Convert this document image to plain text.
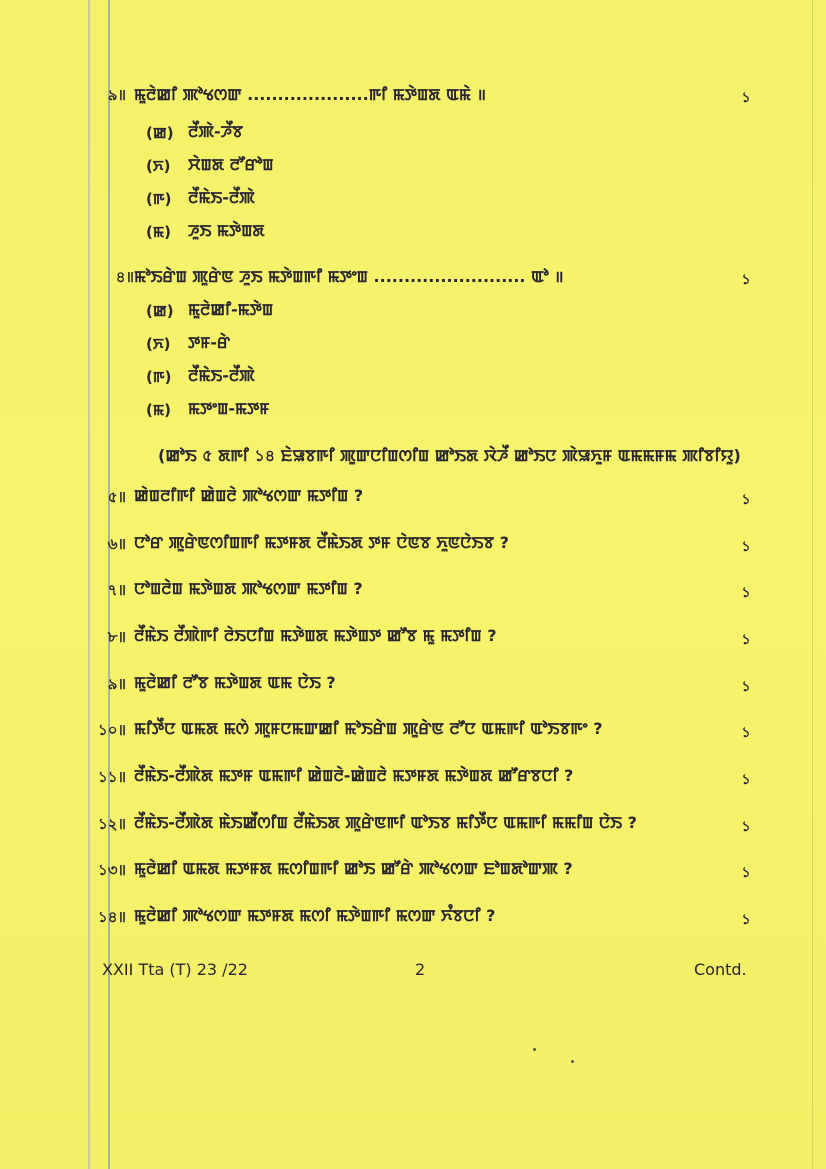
৯॥ ꯃꯨꯂꯥꯀꯤ ꯄꯣꯠꯁꯛ ....................ꯒꯤ ꯃꯇꯥꯡꯗ ꯑꯃꯥ ॥	১
(ꯀ) ꯂꯩꯄꯥ-ꯍꯩꯕ
(ꯈ) ꯆꯥꯡꯗ ꯂꯧꯔꯣꯡ
(ꯒ) ꯂꯩꯃꯥꯏ-ꯂꯩꯄꯥ
(ꯃ) ꯍꯨꯏ ꯃꯇꯥꯡꯗ
৪॥ ꯃꯣꯏꯔꯥꯡ ꯄꯨꯔꯥꯟ ꯍꯨꯏ ꯃꯇꯥꯡꯒꯤ ꯃꯇꯦꯡ ......................... ꯑꯣ ॥	১
(ꯀ) ꯃꯨꯂꯥꯀꯤ-ꯃꯇꯥꯡ
(ꯈ) ꯇꯝ-ꯔꯥ
(ꯒ) ꯂꯩꯃꯥꯏ-ꯂꯩꯄꯥ
(ꯃ) ꯃꯇꯦꯡ-ꯃꯇꯝ
(ꯀꯣꯏ ৫ ꯗꯒꯤ ১৪ ꯐꯥꯎꯕꯒꯤ ꯄꯨꯛꯅꯤꯡꯁꯤꯡ ꯀꯣꯏꯗ ꯋꯥꯍꯩ ꯀꯣꯏꯅ ꯄꯥꯎꯈꯨꯝ ꯑꯃꯃꯝꯃ ꯄꯤꯕꯤꯌꯨ)
৫॥ ꯀꯥꯡꯂꯤꯒꯤ ꯀꯥꯡꯂꯥ ꯄꯣꯠꯁꯛ ꯃꯇꯤꯡ ?	১
৬॥ ꯅꯣꯔ ꯄꯨꯔꯥꯟꯁꯤꯡꯒꯤ ꯃꯇꯝꯗ ꯂꯩꯃꯥꯏꯗ ꯇꯝ ꯅꯥꯟꯕ ꯈꯨꯟꯅꯥꯏꯕ ?	১
৭॥ ꯅꯣꯡꯂꯥꯡ ꯃꯇꯥꯡꯗ ꯄꯣꯠꯁꯛ ꯃꯇꯤꯡ ?	১
৮॥ ꯂꯩꯃꯥꯏ ꯂꯩꯄꯥꯒꯤ ꯂꯥꯏꯅꯤꯡ ꯃꯇꯥꯡꯗ ꯃꯇꯥꯡꯇ ꯀꯧꯕ ꯃꯨ ꯃꯇꯤꯡ ?	১
৯॥ ꯃꯨꯂꯥꯀꯤ ꯂꯧꯕ ꯃꯇꯥꯡꯗ ꯑꯃ ꯅꯥꯏ ?	১
১০॥ ꯃꯤꯇꯩꯅ ꯑꯃꯗ ꯃꯁꯥ ꯄꯨꯝꯅꯃꯛꯀꯤ ꯃꯣꯏꯔꯥꯡ ꯄꯨꯔꯥꯟ ꯂꯧꯅ ꯑꯃꯒꯤ ꯑꯣꯏꯕꯒꯦ ?	১
১১॥ ꯂꯩꯃꯥꯏ-ꯂꯩꯄꯥꯗ ꯃꯇꯝ ꯑꯃꯒꯤ ꯀꯥꯡꯂꯥ-ꯀꯥꯡꯂꯥ ꯃꯇꯝꯗ ꯃꯇꯥꯡꯗ ꯀꯧꯔꯕꯅꯤ ?	১
১২॥ ꯂꯩꯃꯥꯏ-ꯂꯩꯄꯥꯗ ꯃꯥꯏꯀꯩꯁꯤꯡ ꯂꯩꯃꯥꯏꯗ ꯄꯨꯔꯥꯟꯒꯤ ꯑꯣꯏꯕ ꯃꯤꯇꯩꯅ ꯑꯃꯒꯤ ꯃꯃꯤꯡ ꯅꯥꯏ ?	১
১৩॥ ꯃꯨꯂꯥꯀꯤ ꯑꯃꯗ ꯃꯇꯝꯗ ꯃꯁꯤꯡꯒꯤ ꯀꯣꯏ ꯀꯧꯔꯥ ꯄꯣꯠꯁꯛ ꯐꯣꯡꯗꯣꯛꯄ ?	১
১৪॥ ꯃꯨꯂꯥꯀꯤ ꯄꯣꯠꯁꯛ ꯃꯇꯝꯗ ꯃꯁꯤ ꯃꯇꯥꯡꯒꯤ ꯃꯁꯛ ꯈꯪꯕꯅꯤ ?	১
XXII Tta (T) 23 /22	2	Contd.
